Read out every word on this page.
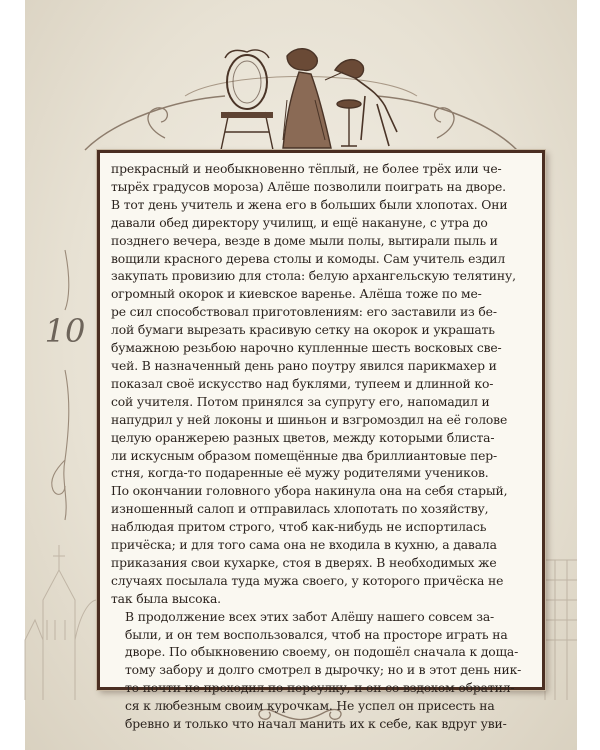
10

прекрасный и необыкновенно тёплый, не более трёх или че-
тырёх градусов мороза) Алёше позволили поиграть на дворе.
В тот день учитель и жена его в больших были хлопотах. Они
давали обед директору училищ, и ещё накануне, с утра до
позднего вечера, везде в доме мыли полы, вытирали пыль и
вощили красного дерева столы и комоды. Сам учитель ездил
закупать провизию для стола: белую архангельскую телятину,
огромный окорок и киевское варенье. Алёша тоже по ме-
ре сил способствовал приготовлениям: его заставили из бе-
лой бумаги вырезать красивую сетку на окорок и украшать
бумажною резьбою нарочно купленные шесть восковых све-
чей. В назначенный день рано поутру явился парикмахер и
показал своё искусство над буклями, тупеем и длинной ко-
сой учителя. Потом принялся за супругу его, напомадил и
напудрил у ней локоны и шиньон и взгромоздил на её голове
целую оранжерею разных цветов, между которыми блиста-
ли искусным образом помещённые два бриллиантовые пер-
стня, когда-то подаренные её мужу родителями учеников.
По окончании головного убора накинула она на себя старый,
изношенный салоп и отправилась хлопотать по хозяйству,
наблюдая притом строго, чтоб как-нибудь не испортилась
причёска; и для того сама она не входила в кухню, а давала
приказания свои кухарке, стоя в дверях. В необходимых же
случаях посылала туда мужа своего, у которого причёска не
так была высока.

В продолжение всех этих забот Алёшу нашего совсем за-
были, и он тем воспользовался, чтоб на просторе играть на
дворе. По обыкновению своему, он подошёл сначала к доща-
тому забору и долго смотрел в дырочку; но и в этот день ник-
то почти не проходил по переулку, и он со вздохом обратил-
ся к любезным своим курочкам. Не успел он присесть на
бревно и только что начал манить их к себе, как вдруг уви-
